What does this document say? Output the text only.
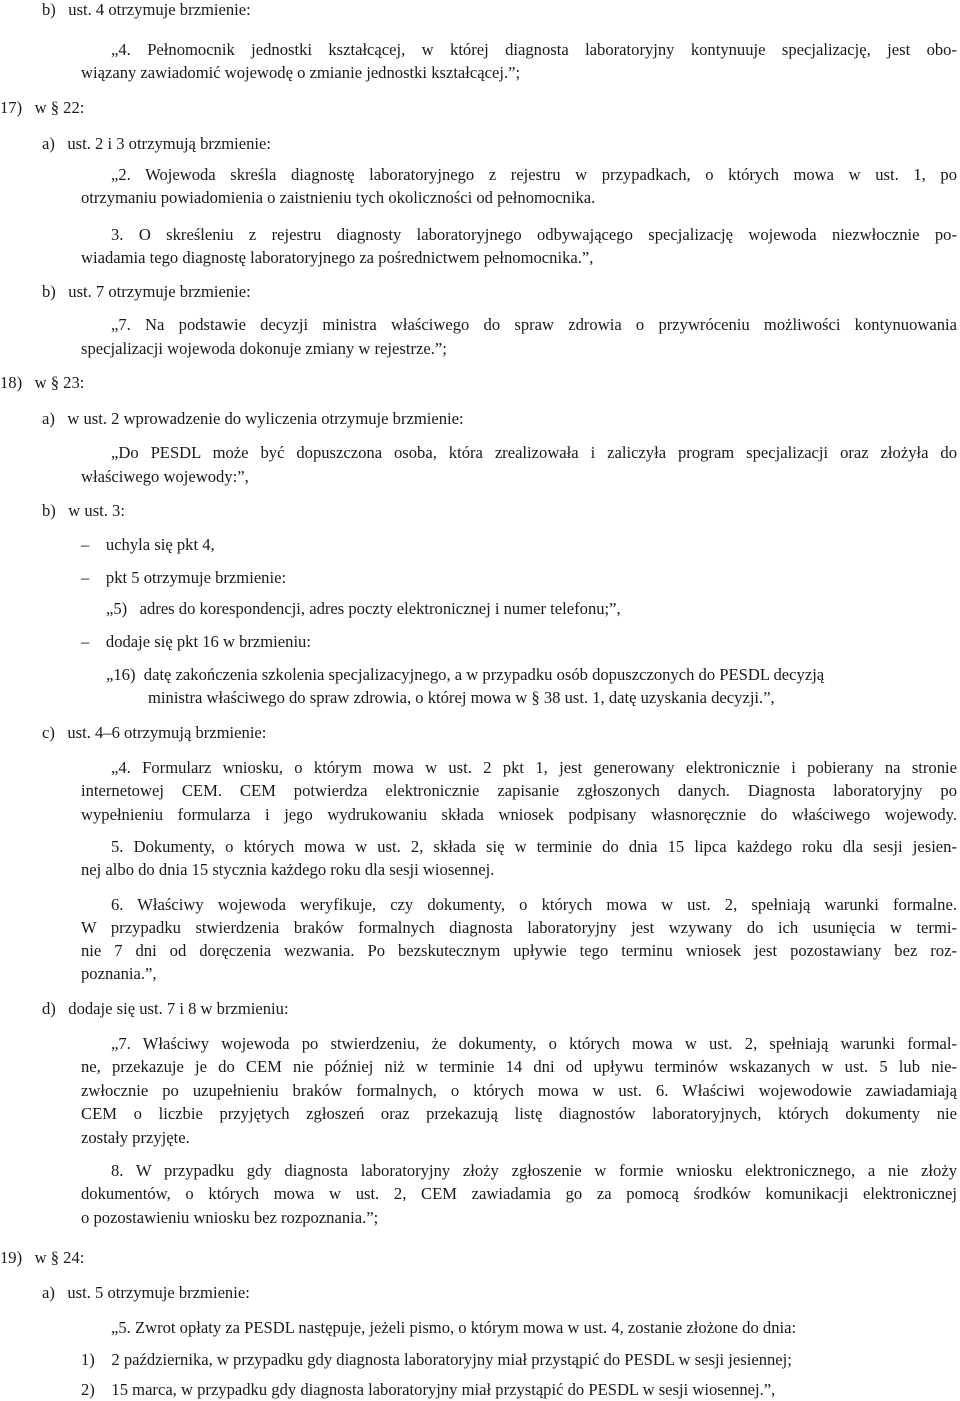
b)   ust. 4 otrzymuje brzmienie:
„4. Pełnomocnik jednostki kształcącej, w której diagnosta laboratoryjny kontynuuje specjalizację, jest obo-
wiązany zawiadomić wojewodę o zmianie jednostki kształcącej.”;
17)   w § 22:
a)   ust. 2 i 3 otrzymują brzmienie:
„2. Wojewoda skreśla diagnostę laboratoryjnego z rejestru w przypadkach, o których mowa w ust. 1, po
otrzymaniu powiadomienia o zaistnieniu tych okoliczności od pełnomocnika.
3. O skreśleniu z rejestru diagnosty laboratoryjnego odbywającego specjalizację wojewoda niezwłocznie po-
wiadamia tego diagnostę laboratoryjnego za pośrednictwem pełnomocnika.”,
b)   ust. 7 otrzymuje brzmienie:
„7. Na podstawie decyzji ministra właściwego do spraw zdrowia o przywróceniu możliwości kontynuowania
specjalizacji wojewoda dokonuje zmiany w rejestrze.”;
18)   w § 23:
a)   w ust. 2 wprowadzenie do wyliczenia otrzymuje brzmienie:
„Do PESDL może być dopuszczona osoba, która zrealizowała i zaliczyła program specjalizacji oraz złożyła do
właściwego wojewody:”,
b)   w ust. 3:
–    uchyla się pkt 4,
–    pkt 5 otrzymuje brzmienie:
„5)   adres do korespondencji, adres poczty elektronicznej i numer telefonu;”,
–    dodaje się pkt 16 w brzmieniu:
„16)  datę zakończenia szkolenia specjalizacyjnego, a w przypadku osób dopuszczonych do PESDL decyzją
ministra właściwego do spraw zdrowia, o której mowa w § 38 ust. 1, datę uzyskania decyzji.”,
c)   ust. 4–6 otrzymują brzmienie:
„4. Formularz wniosku, o którym mowa w ust. 2 pkt 1, jest generowany elektronicznie i pobierany na stronie
internetowej CEM. CEM potwierdza elektronicznie zapisanie zgłoszonych danych. Diagnosta laboratoryjny po
wypełnieniu formularza i jego wydrukowaniu składa wniosek podpisany własnoręcznie do właściwego wojewody.
5. Dokumenty, o których mowa w ust. 2, składa się w terminie do dnia 15 lipca każdego roku dla sesji jesien-
nej albo do dnia 15 stycznia każdego roku dla sesji wiosennej.
6. Właściwy wojewoda weryfikuje, czy dokumenty, o których mowa w ust. 2, spełniają warunki formalne.
W przypadku stwierdzenia braków formalnych diagnosta laboratoryjny jest wzywany do ich usunięcia w termi-
nie 7 dni od doręczenia wezwania. Po bezskutecznym upływie tego terminu wniosek jest pozostawiany bez roz-
poznania.”,
d)   dodaje się ust. 7 i 8 w brzmieniu:
„7. Właściwy wojewoda po stwierdzeniu, że dokumenty, o których mowa w ust. 2, spełniają warunki formal-
ne, przekazuje je do CEM nie później niż w terminie 14 dni od upływu terminów wskazanych w ust. 5 lub nie-
zwłocznie po uzupełnieniu braków formalnych, o których mowa w ust. 6. Właściwi wojewodowie zawiadamiają
CEM o liczbie przyjętych zgłoszeń oraz przekazują listę diagnostów laboratoryjnych, których dokumenty nie
zostały przyjęte.
8. W przypadku gdy diagnosta laboratoryjny złoży zgłoszenie w formie wniosku elektronicznego, a nie złoży
dokumentów, o których mowa w ust. 2, CEM zawiadamia go za pomocą środków komunikacji elektronicznej
o pozostawieniu wniosku bez rozpoznania.”;
19)   w § 24:
a)   ust. 5 otrzymuje brzmienie:
„5. Zwrot opłaty za PESDL następuje, jeżeli pismo, o którym mowa w ust. 4, zostanie złożone do dnia:
1)    2 października, w przypadku gdy diagnosta laboratoryjny miał przystąpić do PESDL w sesji jesiennej;
2)    15 marca, w przypadku gdy diagnosta laboratoryjny miał przystąpić do PESDL w sesji wiosennej.”,
